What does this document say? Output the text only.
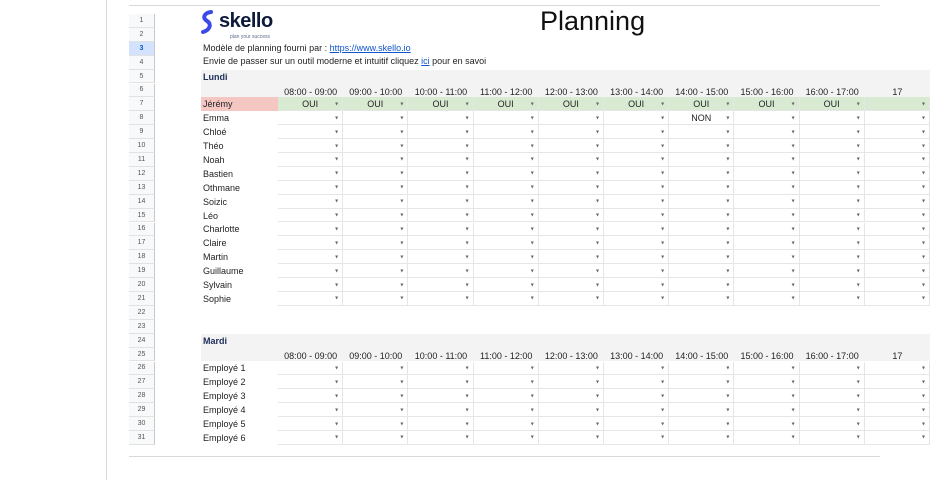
1
2
3
4
5
6
7
8
9
10
11
12
13
14
15
16
17
18
19
20
21
22
23
24
25
26
27
28
29
30
31
skello
plan your success
Planning
Modèle de planning fourni par : https://www.skello.io
Envie de passer sur un outil moderne et intuitif cliquez ici pour en savoi
Lundi
08:00 - 09:00	09:00 - 10:00	10:00 - 11:00	11:00 - 12:00	12:00 - 13:00	13:00 - 14:00	14:00 - 15:00	15:00 - 16:00	16:00 - 17:00	17
Jérémy	OUI	▾	OUI	▾	OUI	▾	OUI	▾	OUI	▾	OUI	▾	OUI	▾	OUI	▾	OUI	▾	▾
Emma	▾	▾	▾	▾	▾	▾	NON	▾	▾	▾	▾
Chloé	▾	▾	▾	▾	▾	▾	▾	▾	▾	▾
Théo	▾	▾	▾	▾	▾	▾	▾	▾	▾	▾
Noah	▾	▾	▾	▾	▾	▾	▾	▾	▾	▾
Bastien	▾	▾	▾	▾	▾	▾	▾	▾	▾	▾
Othmane	▾	▾	▾	▾	▾	▾	▾	▾	▾	▾
Soizic	▾	▾	▾	▾	▾	▾	▾	▾	▾	▾
Léo	▾	▾	▾	▾	▾	▾	▾	▾	▾	▾
Charlotte	▾	▾	▾	▾	▾	▾	▾	▾	▾	▾
Claire	▾	▾	▾	▾	▾	▾	▾	▾	▾	▾
Martin	▾	▾	▾	▾	▾	▾	▾	▾	▾	▾
Guillaume	▾	▾	▾	▾	▾	▾	▾	▾	▾	▾
Sylvain	▾	▾	▾	▾	▾	▾	▾	▾	▾	▾
Sophie	▾	▾	▾	▾	▾	▾	▾	▾	▾	▾
Mardi
08:00 - 09:00	09:00 - 10:00	10:00 - 11:00	11:00 - 12:00	12:00 - 13:00	13:00 - 14:00	14:00 - 15:00	15:00 - 16:00	16:00 - 17:00	17
Employé 1	▾	▾	▾	▾	▾	▾	▾	▾	▾	▾
Employé 2	▾	▾	▾	▾	▾	▾	▾	▾	▾	▾
Employé 3	▾	▾	▾	▾	▾	▾	▾	▾	▾	▾
Employé 4	▾	▾	▾	▾	▾	▾	▾	▾	▾	▾
Employé 5	▾	▾	▾	▾	▾	▾	▾	▾	▾	▾
Employé 6	▾	▾	▾	▾	▾	▾	▾	▾	▾	▾
